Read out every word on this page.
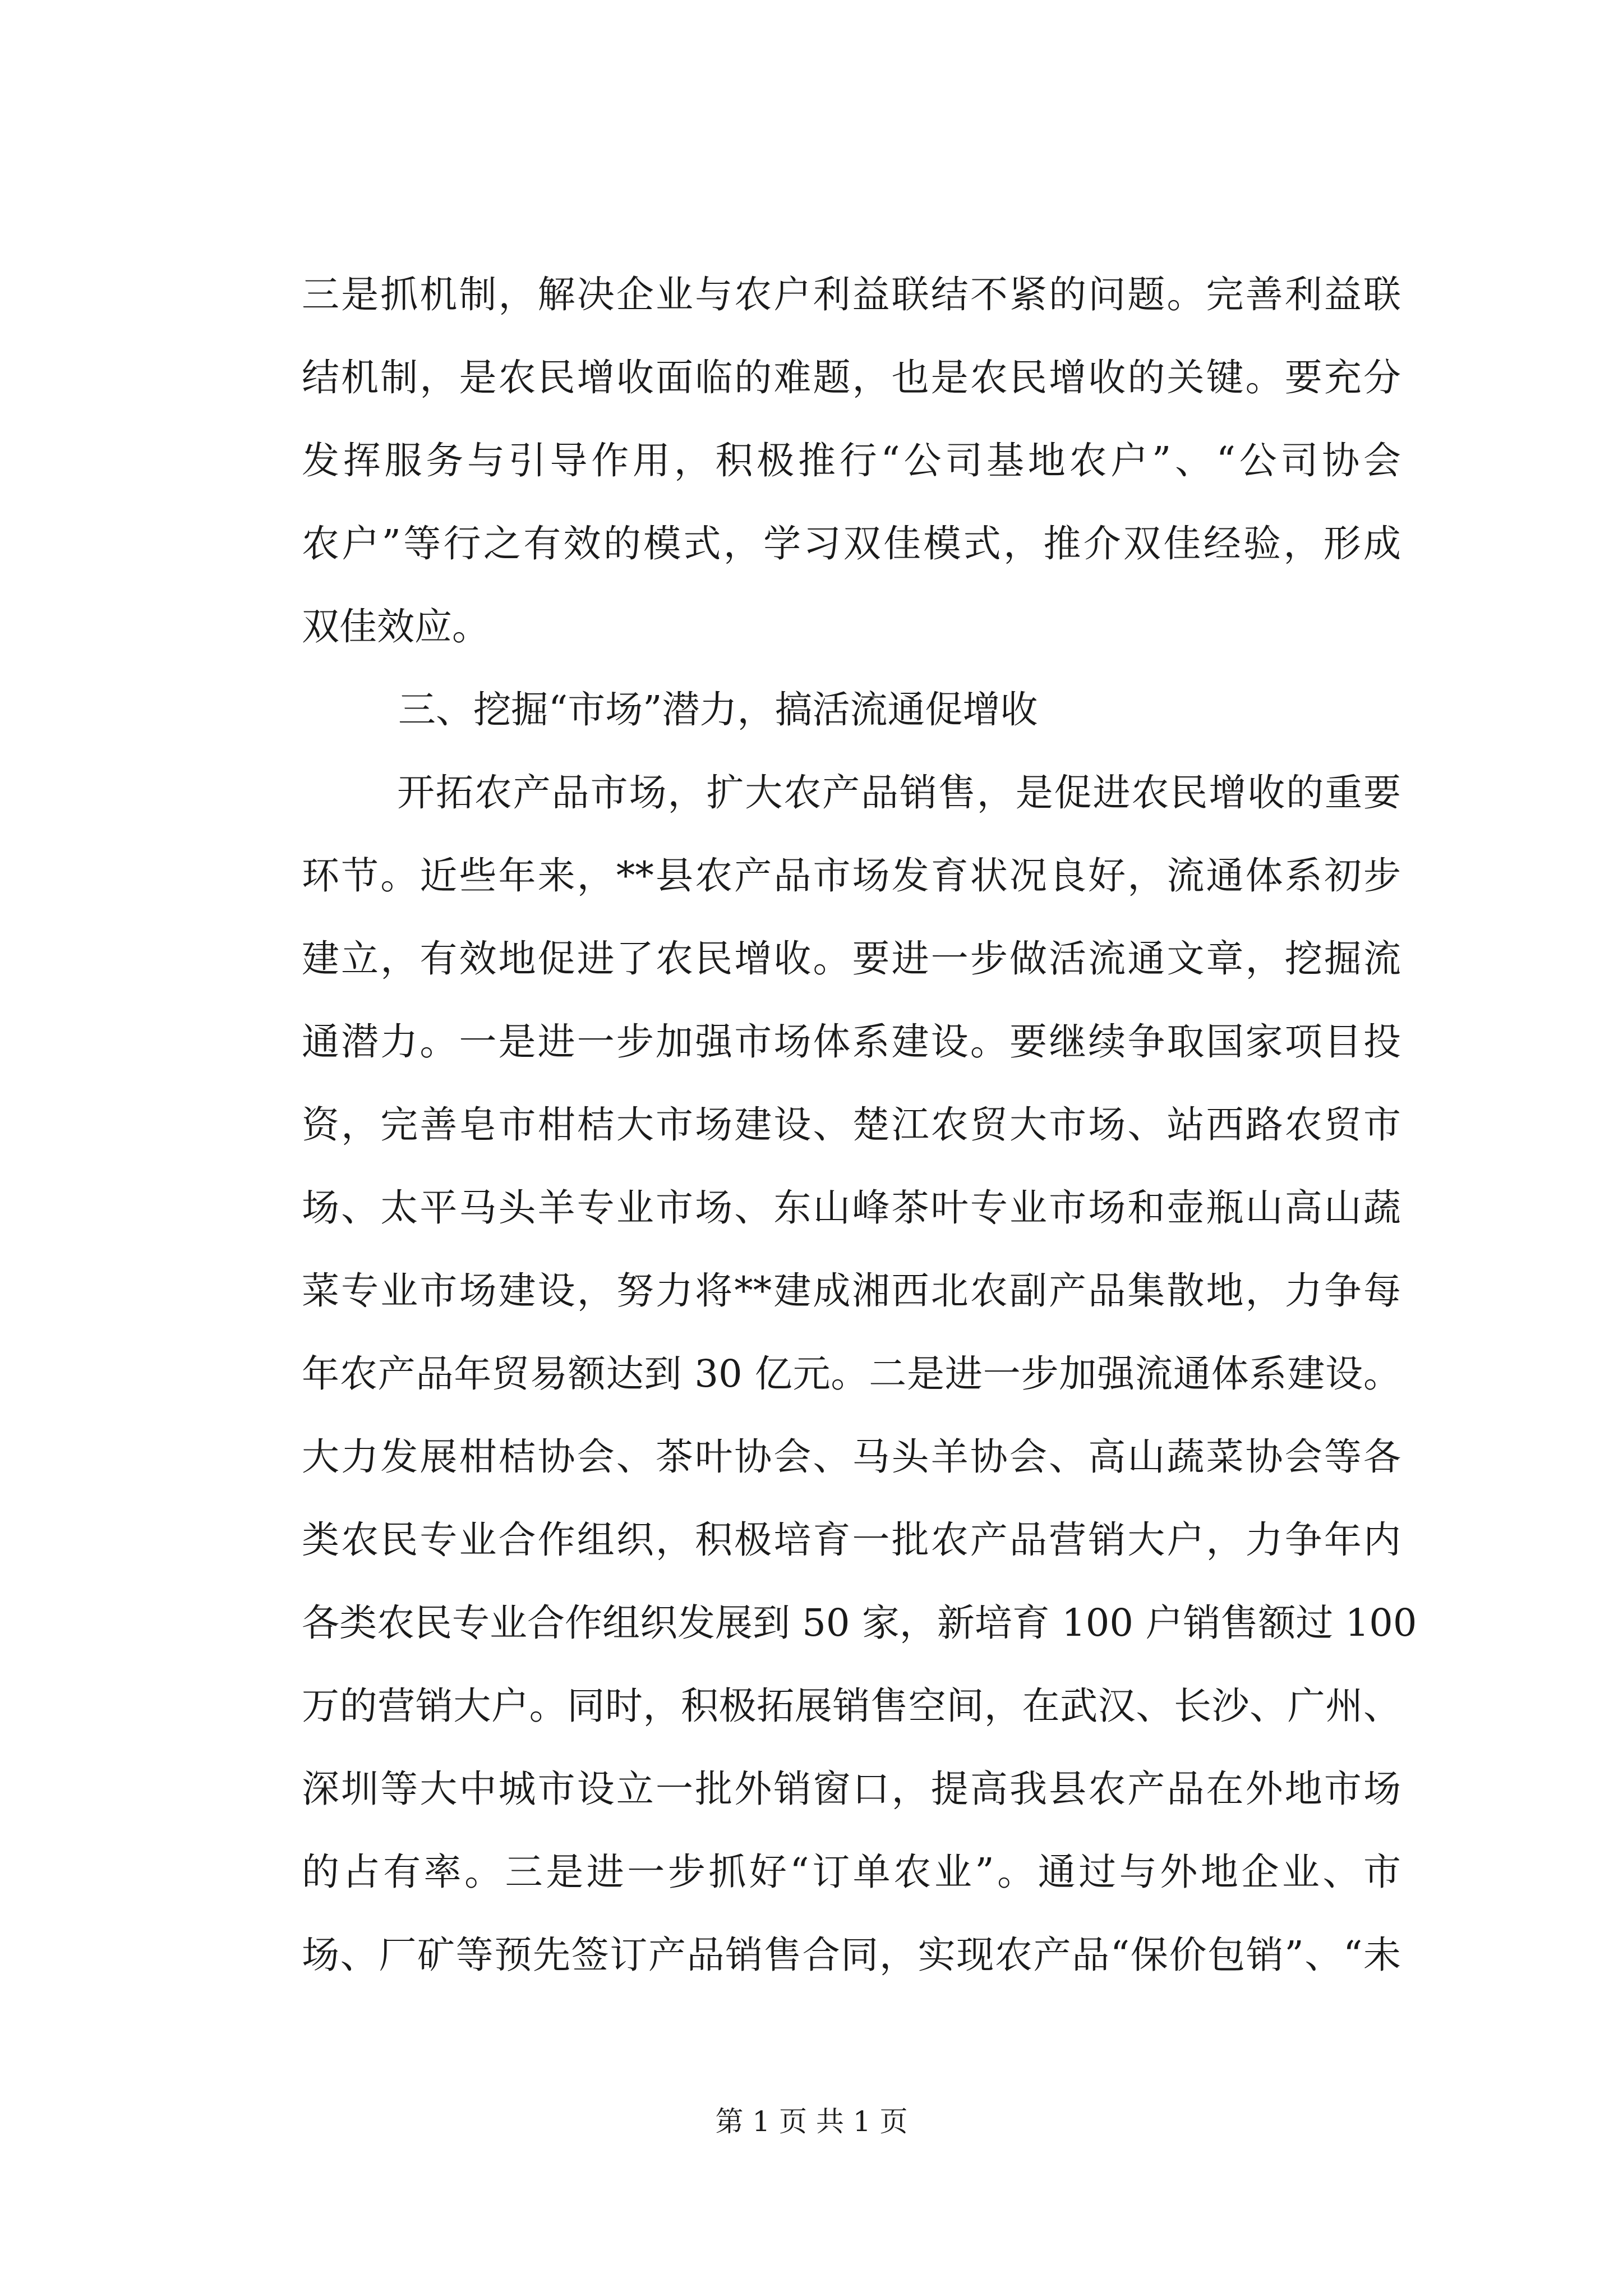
三是抓机制，解决企业与农户利益联结不紧的问题。完善利益联
结机制，是农民增收面临的难题，也是农民增收的关键。要充分
发挥服务与引导作用，积极推行“公司基地农户”、“公司协会
农户”等行之有效的模式，学习双佳模式，推介双佳经验，形成
双佳效应。
三、挖掘“市场”潜力，搞活流通促增收
开拓农产品市场，扩大农产品销售，是促进农民增收的重要
环节。近些年来，**县农产品市场发育状况良好，流通体系初步
建立，有效地促进了农民增收。要进一步做活流通文章，挖掘流
通潜力。一是进一步加强市场体系建设。要继续争取国家项目投
资，完善皂市柑桔大市场建设、楚江农贸大市场、站西路农贸市
场、太平马头羊专业市场、东山峰茶叶专业市场和壶瓶山高山蔬
菜专业市场建设，努力将**建成湘西北农副产品集散地，力争每
年农产品年贸易额达到 30 亿元。二是进一步加强流通体系建设。
大力发展柑桔协会、茶叶协会、马头羊协会、高山蔬菜协会等各
类农民专业合作组织，积极培育一批农产品营销大户，力争年内
各类农民专业合作组织发展到 50 家，新培育 100 户销售额过 100
万的营销大户。同时，积极拓展销售空间，在武汉、长沙、广州、
深圳等大中城市设立一批外销窗口，提高我县农产品在外地市场
的占有率。三是进一步抓好“订单农业”。通过与外地企业、市
场、厂矿等预先签订产品销售合同，实现农产品“保价包销”、“未
第 1 页 共 1 页
